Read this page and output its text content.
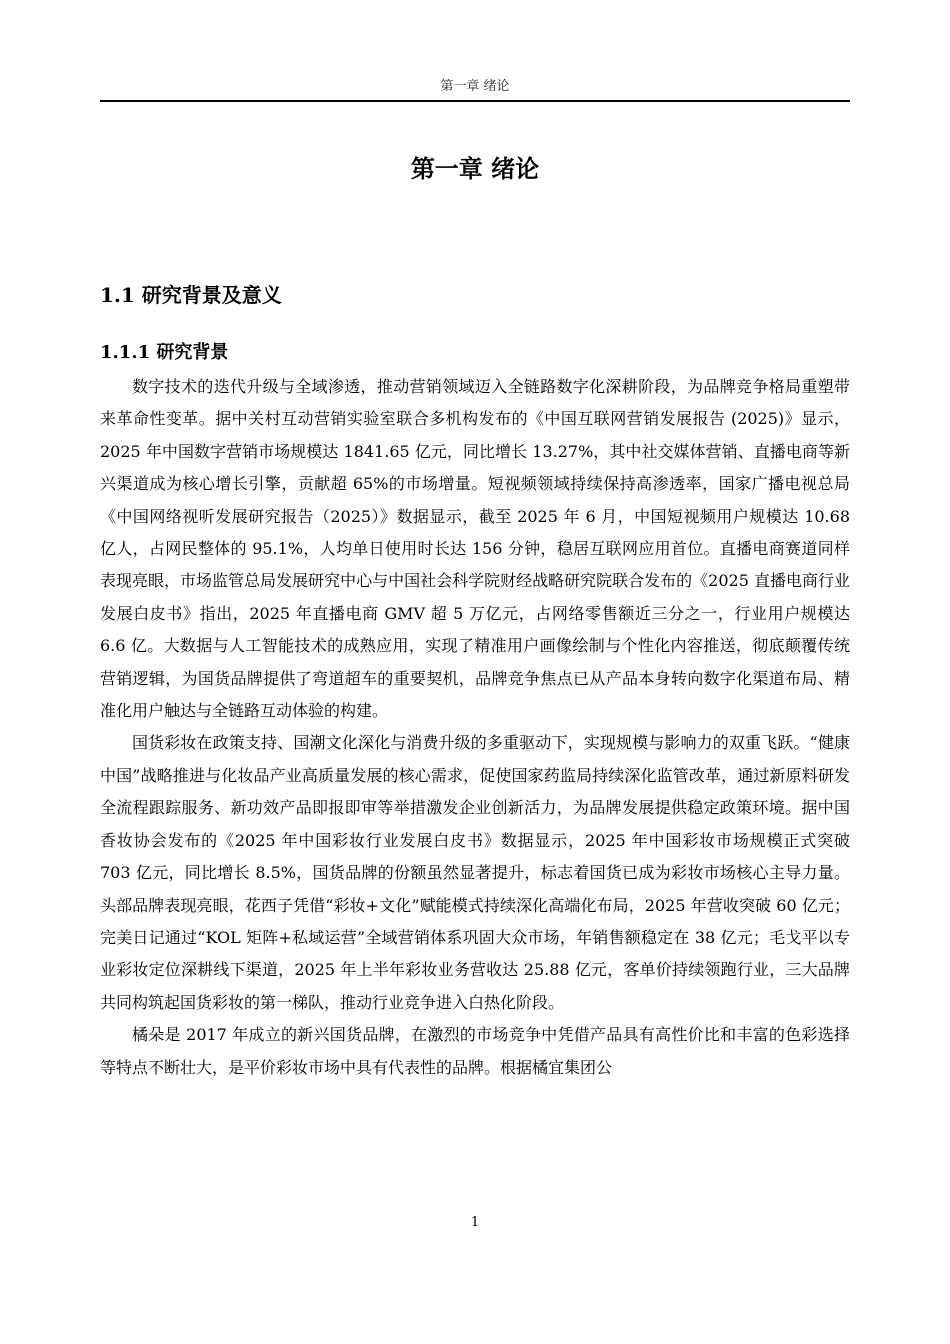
第一章 绪论
第一章 绪论
1.1 研究背景及意义
1.1.1 研究背景

数字技术的迭代升级与全域渗透，推动营销领域迈入全链路数字化深耕阶段，为品牌竞争格局重塑带来革命性变革。据中关村互动营销实验室联合多机构发布的《中国互联网营销发展报告 (2025)》显示，2025 年中国数字营销市场规模达 1841.65 亿元，同比增长 13.27%，其中社交媒体营销、直播电商等新兴渠道成为核心增长引擎，贡献超 65%的市场增量。短视频领域持续保持高渗透率，国家广播电视总局《中国网络视听发展研究报告（2025）》数据显示，截至 2025 年 6 月，中国短视频用户规模达 10.68 亿人，占网民整体的 95.1%，人均单日使用时长达 156 分钟，稳居互联网应用首位。直播电商赛道同样表现亮眼，市场监管总局发展研究中心与中国社会科学院财经战略研究院联合发布的《2025 直播电商行业发展白皮书》指出，2025 年直播电商 GMV 超 5 万亿元，占网络零售额近三分之一，行业用户规模达 6.6 亿。大数据与人工智能技术的成熟应用，实现了精准用户画像绘制与个性化内容推送，彻底颠覆传统营销逻辑，为国货品牌提供了弯道超车的重要契机，品牌竞争焦点已从产品本身转向数字化渠道布局、精准化用户触达与全链路互动体验的构建。

国货彩妆在政策支持、国潮文化深化与消费升级的多重驱动下，实现规模与影响力的双重飞跃。“健康中国”战略推进与化妆品产业高质量发展的核心需求，促使国家药监局持续深化监管改革，通过新原料研发全流程跟踪服务、新功效产品即报即审等举措激发企业创新活力，为品牌发展提供稳定政策环境。据中国香妆协会发布的《2025 年中国彩妆行业发展白皮书》数据显示，2025 年中国彩妆市场规模正式突破 703 亿元，同比增长 8.5%，国货品牌的份额虽然显著提升，标志着国货已成为彩妆市场核心主导力量。头部品牌表现亮眼，花西子凭借“彩妆+文化”赋能模式持续深化高端化布局，2025 年营收突破 60 亿元；完美日记通过“KOL 矩阵+私域运营”全域营销体系巩固大众市场，年销售额稳定在 38 亿元；毛戈平以专业彩妆定位深耕线下渠道，2025 年上半年彩妆业务营收达 25.88 亿元，客单价持续领跑行业，三大品牌共同构筑起国货彩妆的第一梯队，推动行业竞争进入白热化阶段。

橘朵是 2017 年成立的新兴国货品牌，在激烈的市场竞争中凭借产品具有高性价比和丰富的色彩选择等特点不断壮大，是平价彩妆市场中具有代表性的品牌。根据橘宜集团公

1
